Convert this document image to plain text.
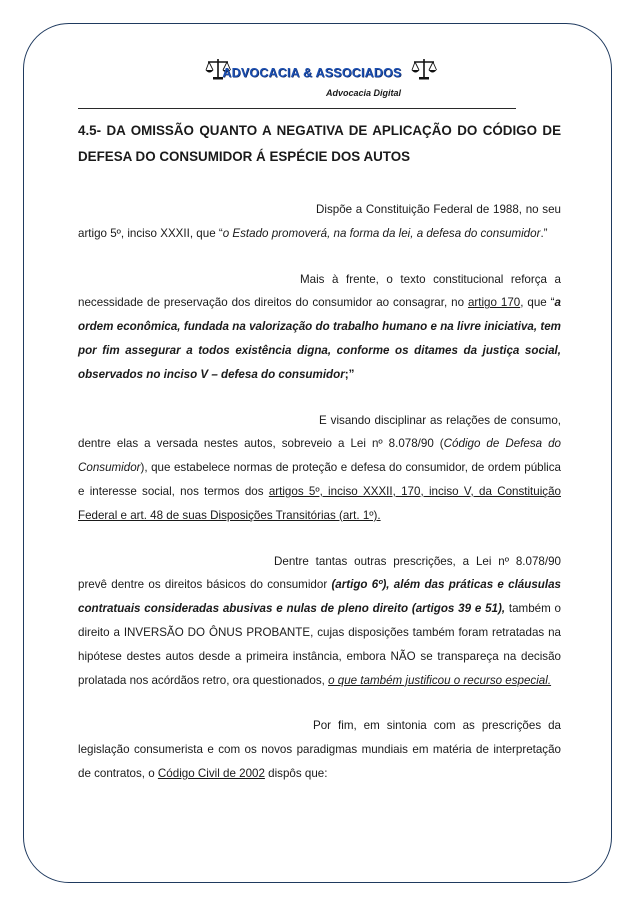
ADVOCACIA & ASSOCIADOS
Advocacia Digital
4.5- DA OMISSÃO QUANTO A NEGATIVA DE APLICAÇÃO DO CÓDIGO DE DEFESA DO CONSUMIDOR Á ESPÉCIE DOS AUTOS

Dispõe a Constituição Federal de 1988, no seu artigo 5º, inciso XXXII, que “o Estado promoverá, na forma da lei, a defesa do consumidor.”

Mais à frente, o texto constitucional reforça a necessidade de preservação dos direitos do consumidor ao consagrar, no artigo 170, que “a ordem econômica, fundada na valorização do trabalho humano e na livre iniciativa, tem por fim assegurar a todos existência digna, conforme os ditames da justiça social, observados no inciso V – defesa do consumidor;”

E visando disciplinar as relações de consumo, dentre elas a versada nestes autos, sobreveio a Lei nº 8.078/90 (Código de Defesa do Consumidor), que estabelece normas de proteção e defesa do consumidor, de ordem pública e interesse social, nos termos dos artigos 5º, inciso XXXII, 170, inciso V, da Constituição Federal e art. 48 de suas Disposições Transitórias (art. 1º).

Dentre tantas outras prescrições, a Lei nº 8.078/90 prevê dentre os direitos básicos do consumidor (artigo 6º), além das práticas e cláusulas contratuais consideradas abusivas e nulas de pleno direito (artigos 39 e 51), também o direito a INVERSÃO DO ÔNUS PROBANTE, cujas disposições também foram retratadas na hipótese destes autos desde a primeira instância, embora NÃO se transpareça na decisão prolatada nos acórdãos retro, ora questionados, o que também justificou o recurso especial.

Por fim, em sintonia com as prescrições da legislação consumerista e com os novos paradigmas mundiais em matéria de interpretação de contratos, o Código Civil de 2002 dispôs que:
